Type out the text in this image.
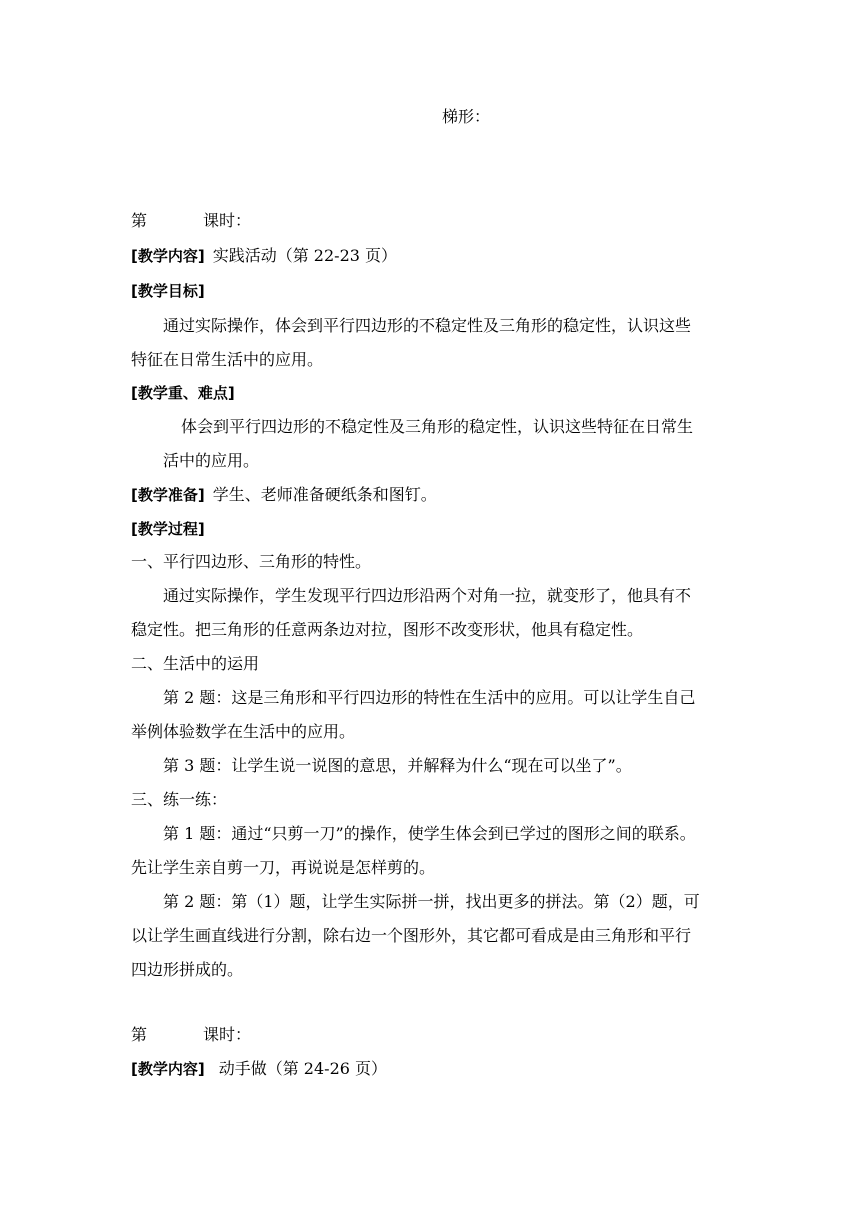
梯形：
第	课时：
[教学内容] 实践活动（第 22-23 页）
[教学目标]
通过实际操作，体会到平行四边形的不稳定性及三角形的稳定性，认识这些
特征在日常生活中的应用。
[教学重、难点]
体会到平行四边形的不稳定性及三角形的稳定性，认识这些特征在日常生
活中的应用。
[教学准备] 学生、老师准备硬纸条和图钉。
[教学过程]
一、平行四边形、三角形的特性。
通过实际操作，学生发现平行四边形沿两个对角一拉，就变形了，他具有不
稳定性。把三角形的任意两条边对拉，图形不改变形状，他具有稳定性。
二、生活中的运用
第 2 题：这是三角形和平行四边形的特性在生活中的应用。可以让学生自己
举例体验数学在生活中的应用。
第 3 题：让学生说一说图的意思，并解释为什么“现在可以坐了”。
三、练一练：
第 1 题：通过“只剪一刀”的操作，使学生体会到已学过的图形之间的联系。
先让学生亲自剪一刀，再说说是怎样剪的。
第 2 题：第（1）题，让学生实际拼一拼，找出更多的拼法。第（2）题，可
以让学生画直线进行分割，除右边一个图形外，其它都可看成是由三角形和平行
四边形拼成的。
第	课时：
[教学内容] 动手做（第 24-26 页）
